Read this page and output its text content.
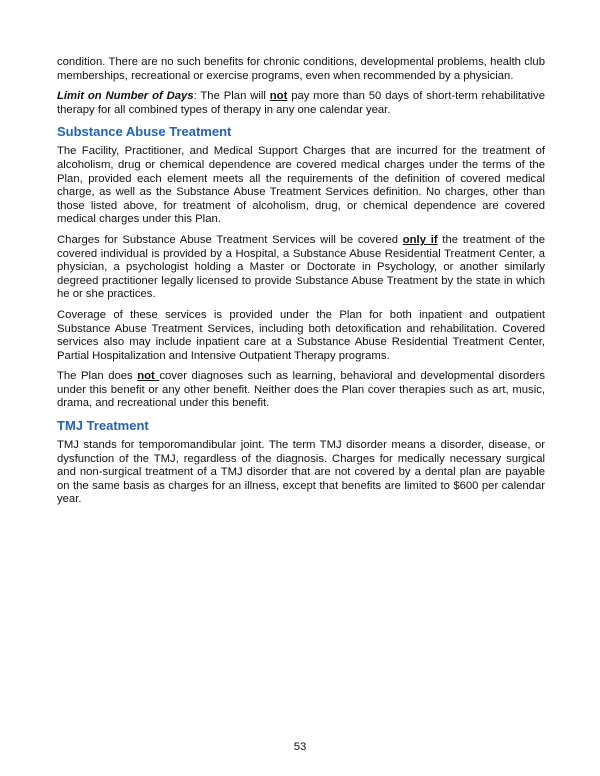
condition. There are no such benefits for chronic conditions, developmental problems, health club memberships, recreational or exercise programs, even when recommended by a physician.

Limit on Number of Days: The Plan will not pay more than 50 days of short-term rehabilitative therapy for all combined types of therapy in any one calendar year.

Substance Abuse Treatment

The Facility, Practitioner, and Medical Support Charges that are incurred for the treatment of alcoholism, drug or chemical dependence are covered medical charges under the terms of the Plan, provided each element meets all the requirements of the definition of covered medical charge, as well as the Substance Abuse Treatment Services definition. No charges, other than those listed above, for treatment of alcoholism, drug, or chemical dependence are covered medical charges under this Plan.

Charges for Substance Abuse Treatment Services will be covered only if the treatment of the covered individual is provided by a Hospital, a Substance Abuse Residential Treatment Center, a physician, a psychologist holding a Master or Doctorate in Psychology, or another similarly degreed practitioner legally licensed to provide Substance Abuse Treatment by the state in which he or she practices.

Coverage of these services is provided under the Plan for both inpatient and outpatient Substance Abuse Treatment Services, including both detoxification and rehabilitation. Covered services also may include inpatient care at a Substance Abuse Residential Treatment Center, Partial Hospitalization and Intensive Outpatient Therapy programs.

The Plan does not cover diagnoses such as learning, behavioral and developmental disorders under this benefit or any other benefit. Neither does the Plan cover therapies such as art, music, drama, and recreational under this benefit.

TMJ Treatment

TMJ stands for temporomandibular joint. The term TMJ disorder means a disorder, disease, or dysfunction of the TMJ, regardless of the diagnosis. Charges for medically necessary surgical and non-surgical treatment of a TMJ disorder that are not covered by a dental plan are payable on the same basis as charges for an illness, except that benefits are limited to $600 per calendar year.

53
